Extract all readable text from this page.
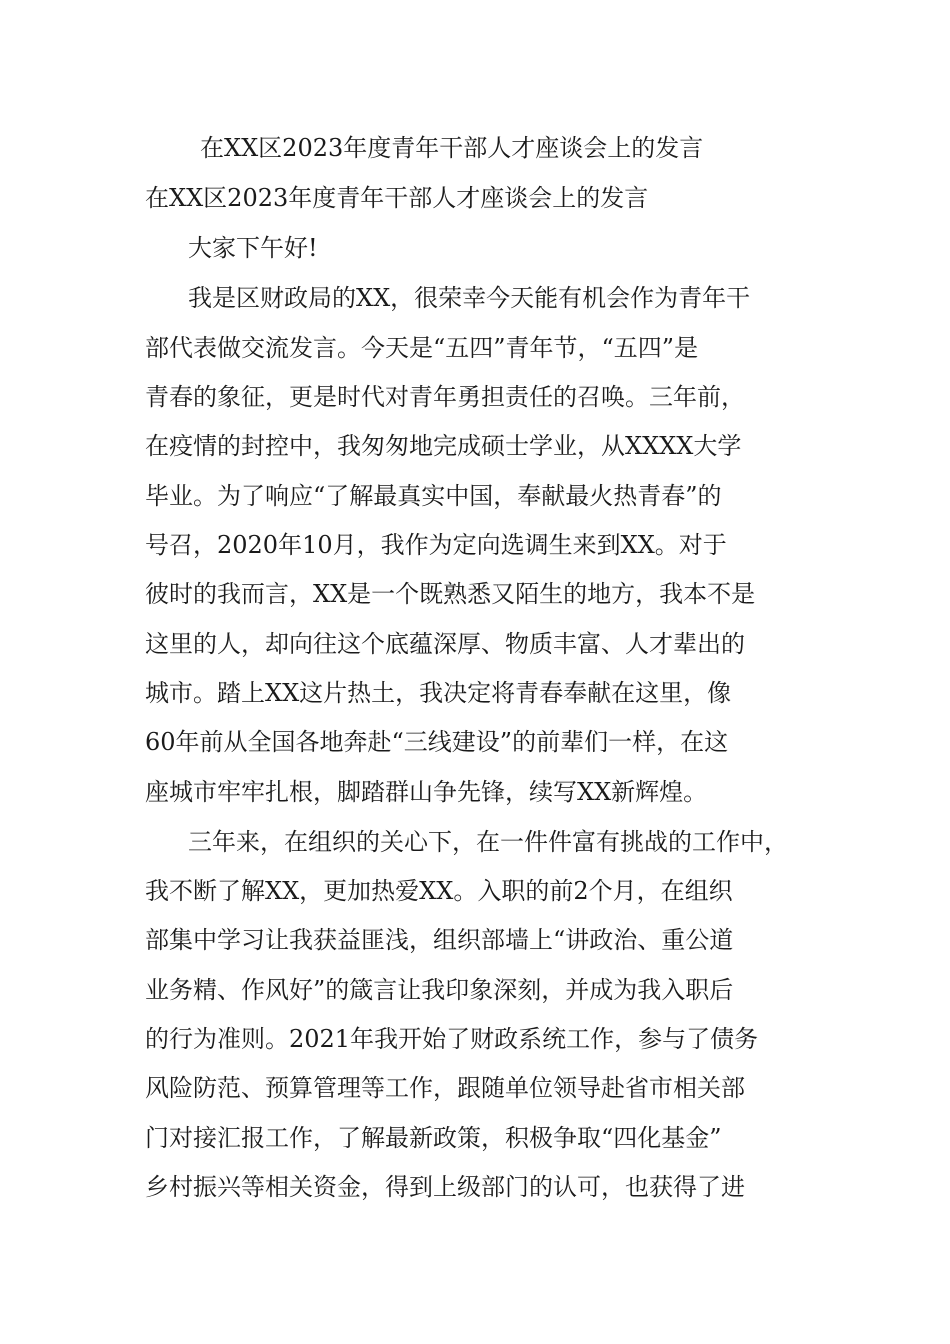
在XX区2023年度青年干部人才座谈会上的发言
在XX区2023年度青年干部人才座谈会上的发言

大家下午好!

我是区财政局的XX，很荣幸今天能有机会作为青年干

部代表做交流发言。今天是“五四”青年节，“五四”是

青春的象征，更是时代对青年勇担责任的召唤。三年前，

在疫情的封控中，我匆匆地完成硕士学业，从XXXX大学

毕业。为了响应“了解最真实中国，奉献最火热青春”的

号召，2020年10月，我作为定向选调生来到XX。对于

彼时的我而言，XX是一个既熟悉又陌生的地方，我本不是

这里的人，却向往这个底蕴深厚、物质丰富、人才辈出的

城市。踏上XX这片热土，我决定将青春奉献在这里，像

60年前从全国各地奔赴“三线建设”的前辈们一样，在这

座城市牢牢扎根，脚踏群山争先锋，续写XX新辉煌。

三年来，在组织的关心下，在一件件富有挑战的工作中，

我不断了解XX，更加热爱XX。入职的前2个月，在组织

部集中学习让我获益匪浅，组织部墙上“讲政治、重公道

业务精、作风好”的箴言让我印象深刻，并成为我入职后

的行为准则。2021年我开始了财政系统工作，参与了债务

风险防范、预算管理等工作，跟随单位领导赴省市相关部

门对接汇报工作，了解最新政策，积极争取“四化基金”

乡村振兴等相关资金，得到上级部门的认可，也获得了进
